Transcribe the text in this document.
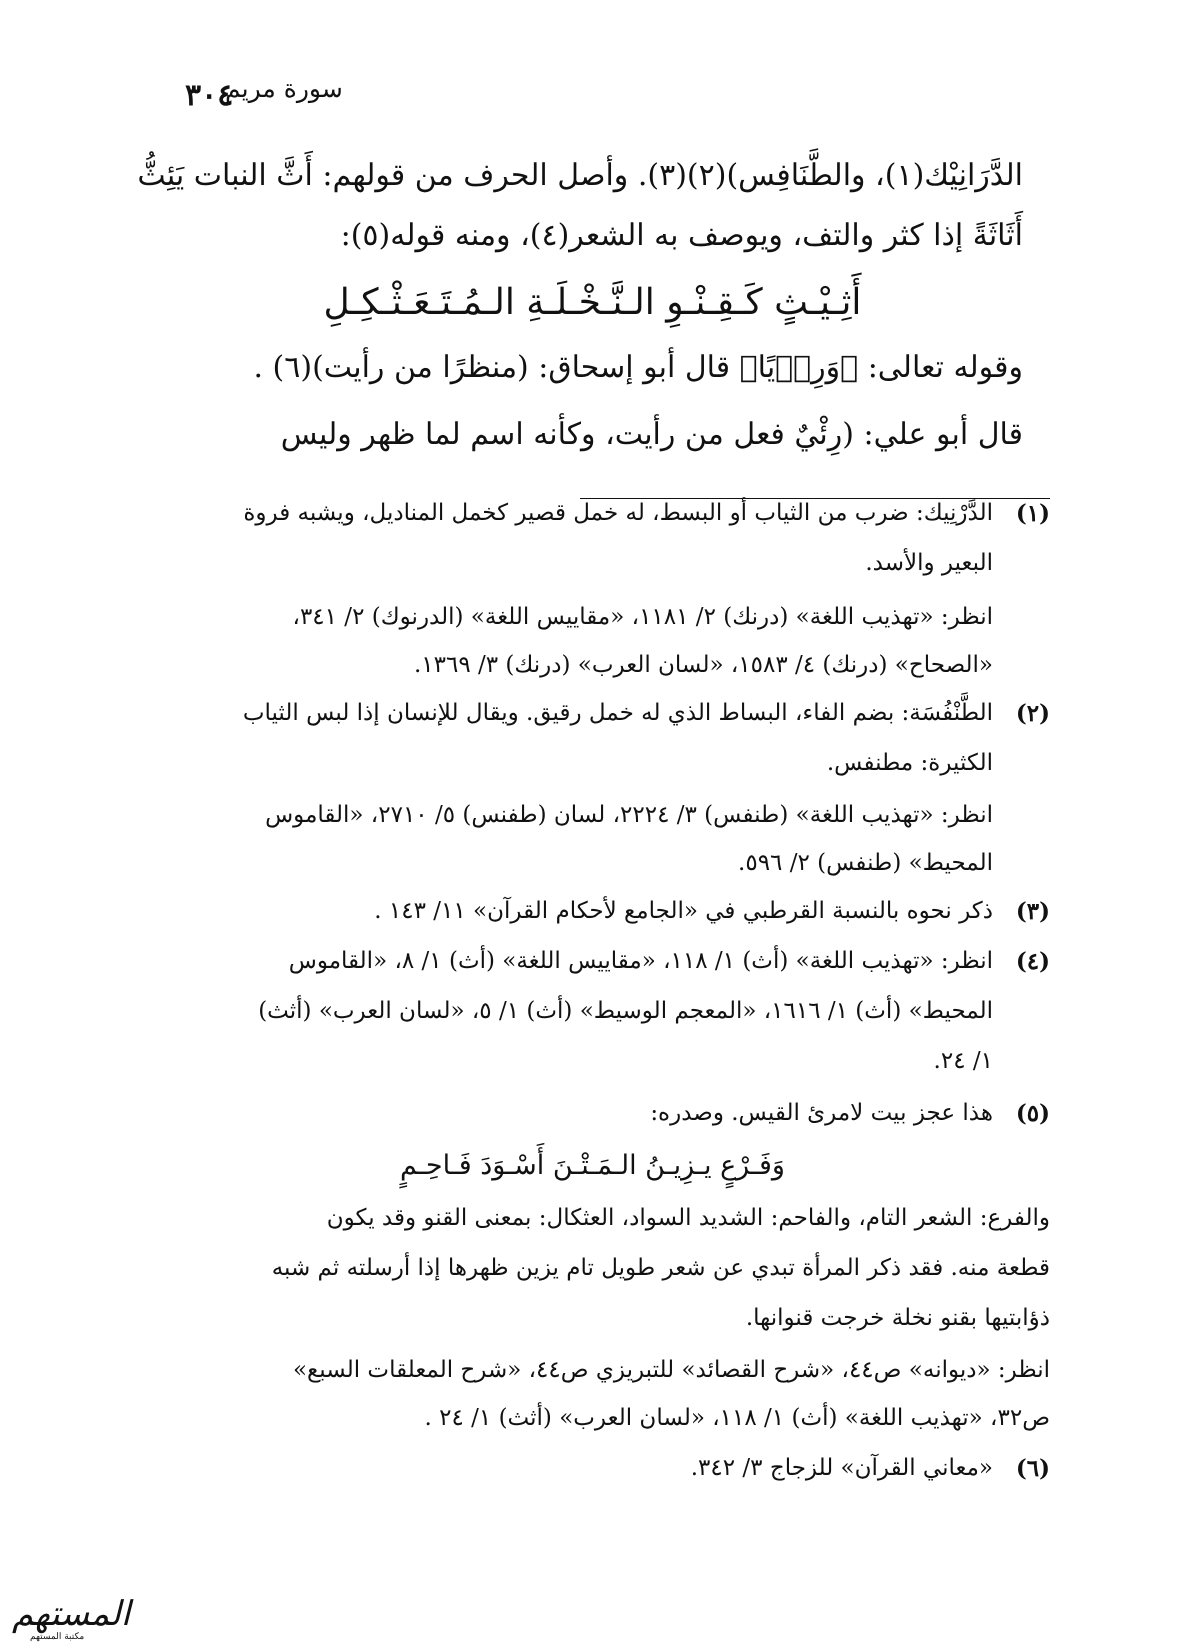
٣٠٤
سورة مريم
الدَّرَانِيْك(١)، والطَّنَافِس)(٢)(٣). وأصل الحرف من قولهم: أَثَّ النبات يَئِثُّ
أَثَاثَةً إذا كثر والتف، ويوصف به الشعر(٤)، ومنه قوله(٥):
أَثِـيْـثٍ كَـقِـنْـوِ الـنَّـخْـلَـةِ الـمُـتَـعَـثْـكِـلِ
وقوله تعالى: ﴿وَرِءۡيًا﴾ قال أبو إسحاق: (منظرًا من رأيت)(٦) .
قال أبو علي: (رِئْيٌ فعل من رأيت، وكأنه اسم لما ظهر وليس
(١)
الدَّرْنِيك: ضرب من الثياب أو البسط، له خمل قصير كخمل المناديل، ويشبه فروة
البعير والأسد.
انظر: «تهذيب اللغة» (درنك) ٢/ ١١٨١، «مقاييس اللغة» (الدرنوك) ٢/ ٣٤١،
«الصحاح» (درنك) ٤/ ١٥٨٣، «لسان العرب» (درنك) ٣/ ١٣٦٩.
(٢)
الطَّنْفُسَة: بضم الفاء، البساط الذي له خمل رقيق. ويقال للإنسان إذا لبس الثياب
الكثيرة: مطنفس.
انظر: «تهذيب اللغة» (طنفس) ٣/ ٢٢٢٤، لسان (طفنس) ٥/ ٢٧١٠، «القاموس
المحيط» (طنفس) ٢/ ٥٩٦.
(٣)
ذكر نحوه بالنسبة القرطبي في «الجامع لأحكام القرآن» ١١/ ١٤٣ .
(٤)
انظر: «تهذيب اللغة» (أث) ١/ ١١٨، «مقاييس اللغة» (أث) ١/ ٨، «القاموس
المحيط» (أث) ١/ ١٦١٦، «المعجم الوسيط» (أث) ١/ ٥، «لسان العرب» (أثث)
١/ ٢٤.
(٥)
هذا عجز بيت لامرئ القيس. وصدره:
وَفَـرْعٍ يـزِيـنُ الـمَـتْـنَ أَسْـوَدَ فَـاحِـمٍ
والفرع: الشعر التام، والفاحم: الشديد السواد، العثكال: بمعنى القنو وقد يكون
قطعة منه. فقد ذكر المرأة تبدي عن شعر طويل تام يزين ظهرها إذا أرسلته ثم شبه
ذؤابتيها بقنو نخلة خرجت قنوانها.
انظر: «ديوانه» ص٤٤، «شرح القصائد» للتبريزي ص٤٤، «شرح المعلقات السبع»
ص٣٢، «تهذيب اللغة» (أث) ١/ ١١٨، «لسان العرب» (أثث) ١/ ٢٤ .
(٦)
«معاني القرآن» للزجاج ٣/ ٣٤٢.
المستهم
مكتبة المستهم
